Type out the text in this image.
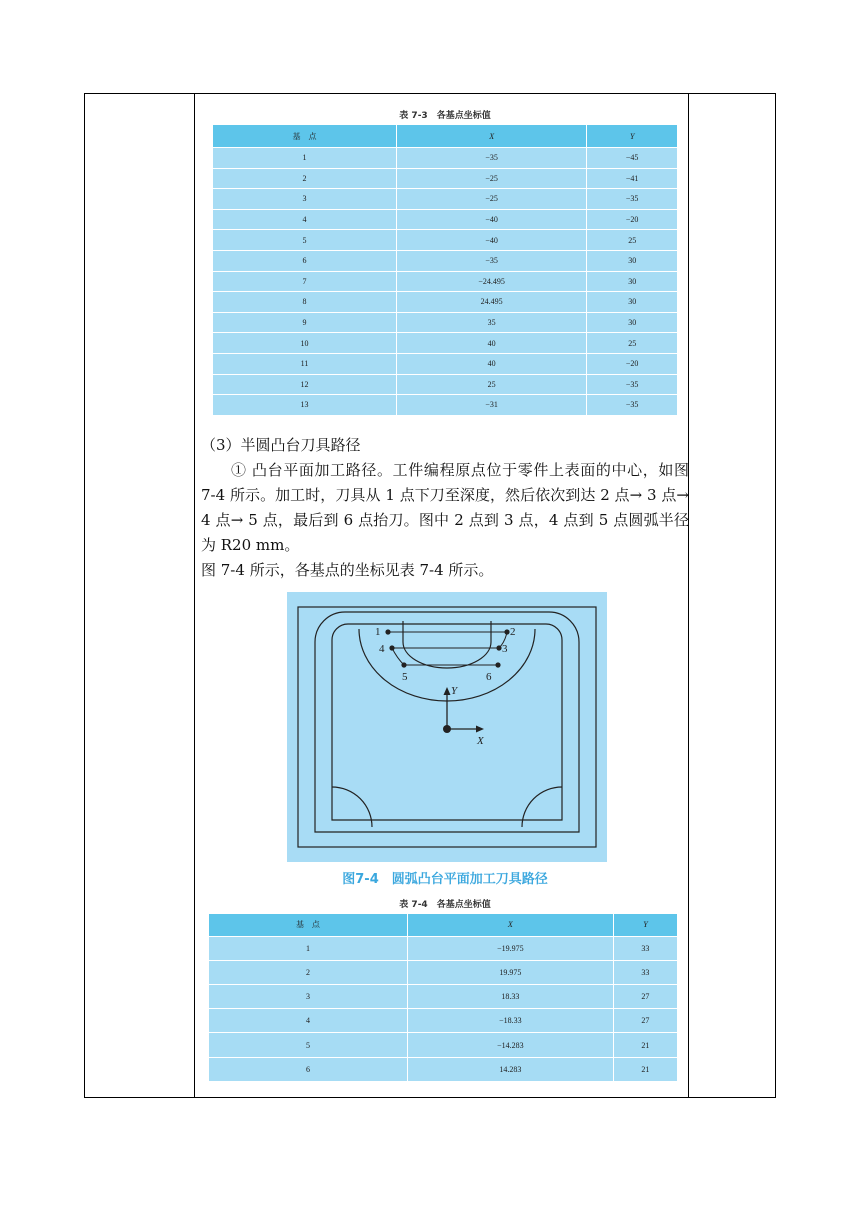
表 7-3　各基点坐标值
基　点	X	Y
1	−35	−45
2	−25	−41
3	−25	−35
4	−40	−20
5	−40	25
6	−35	30
7	−24.495	30
8	24.495	30
9	35	30
10	40	25
11	40	−20
12	25	−35
13	−31	−35

（3）半圆凸台刀具路径

① 凸台平面加工路径。工件编程原点位于零件上表面的中心，如图 7-4 所示。加工时，刀具从 1 点下刀至深度，然后依次到达 2 点→ 3 点→ 4 点→ 5 点，最后到 6 点抬刀。图中 2 点到 3 点，4 点到 5 点圆弧半径为 R20 mm。

图 7-4 所示，各基点的坐标见表 7-4 所示。

1	2
3
4
5	6
Y
X
图7-4　圆弧凸台平面加工刀具路径
表 7-4　各基点坐标值
基　点	X	Y
1	−19.975	33
2	19.975	33
3	18.33	27
4	−18.33	27
5	−14.283	21
6	14.283	21
